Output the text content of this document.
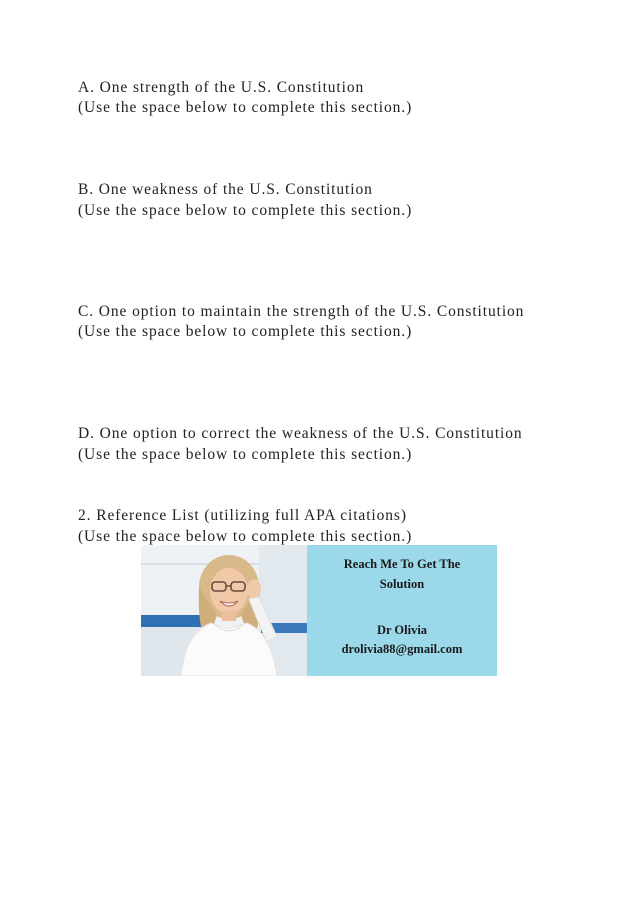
A. One strength of the U.S. Constitution
(Use the space below to complete this section.)
B. One weakness of the U.S. Constitution
(Use the space below to complete this section.)
C. One option to maintain the strength of the U.S. Constitution
(Use the space below to complete this section.)
D. One option to correct the weakness of the U.S. Constitution
(Use the space below to complete this section.)
2. Reference List (utilizing full APA citations)
(Use the space below to complete this section.)
Reach Me To Get The
Solution
Dr Olivia
drolivia88@gmail.com
